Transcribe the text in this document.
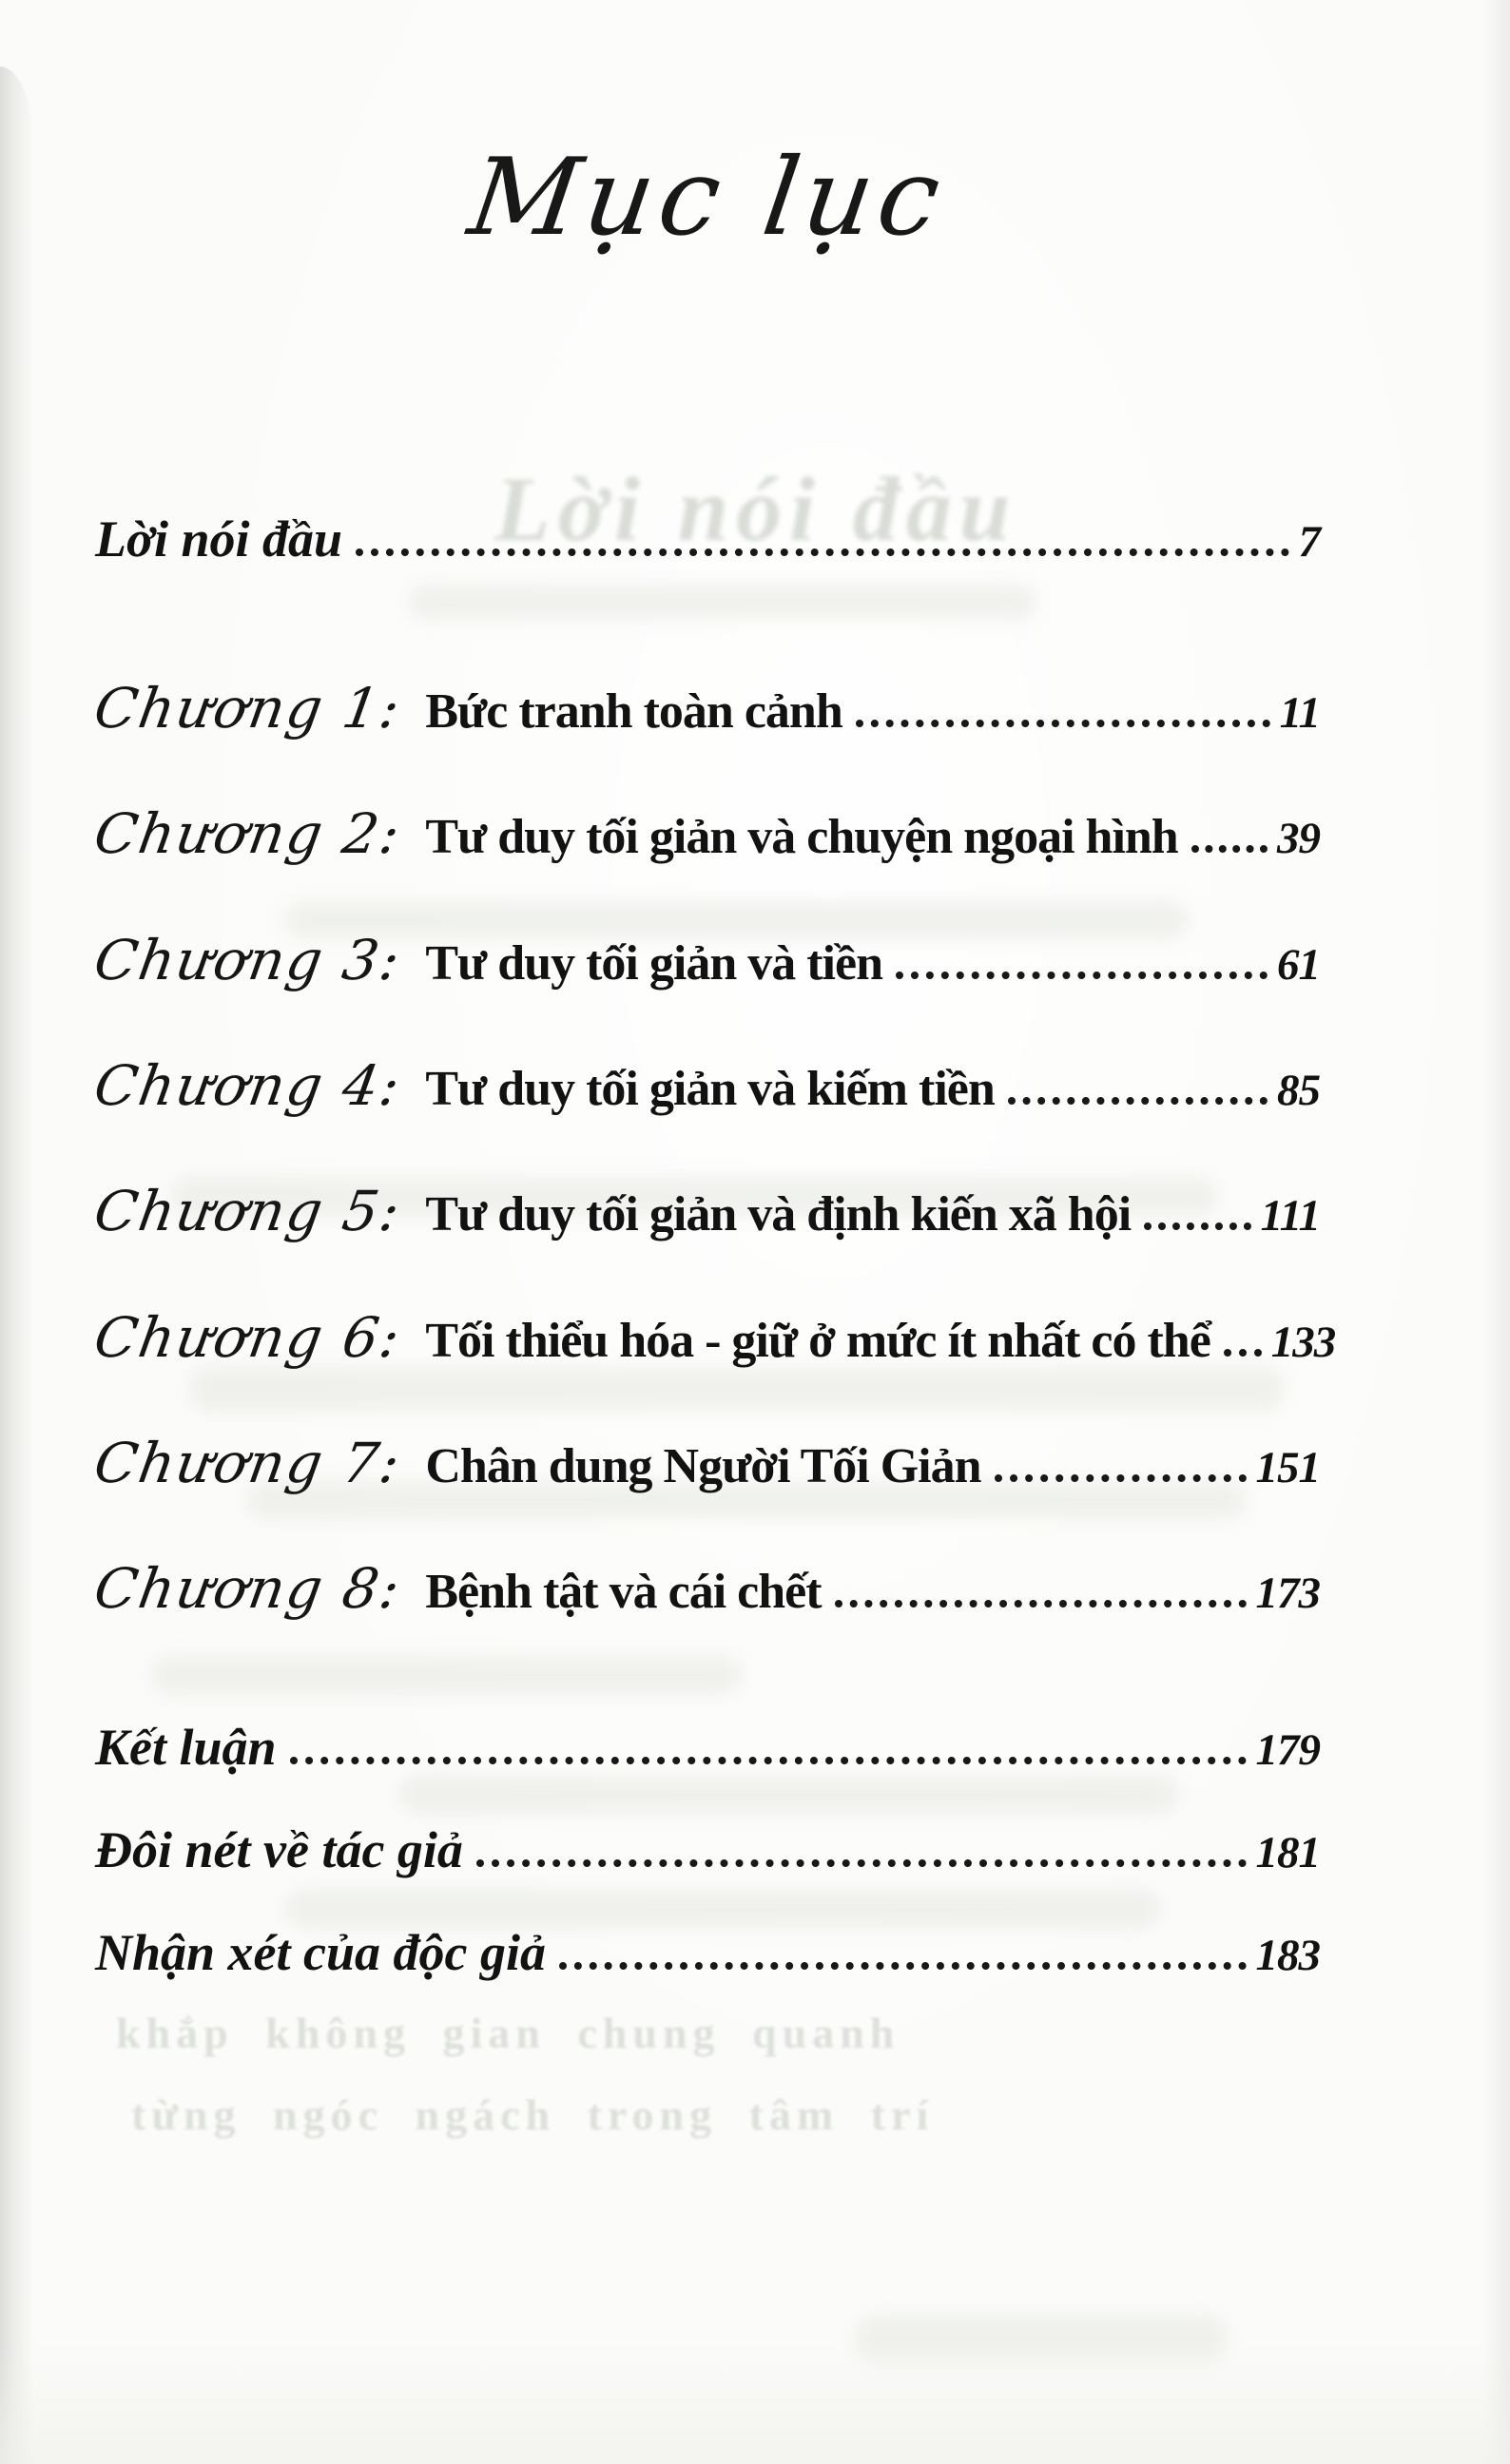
Lời nói đầu
khắp không gian chung quanh
từng ngóc ngách trong tâm trí
Mục lục
Lời nói đầu	7
Chương 1: Bức tranh toàn cảnh	11
Chương 2: Tư duy tối giản và chuyện ngoại hình 39
Chương 3: Tư duy tối giản và tiền	61
Chương 4: Tư duy tối giản và kiếm tiền	85
Chương 5: Tư duy tối giản và định kiến xã hội	111
Chương 6: Tối thiểu hóa - giữ ở mức ít nhất có thể 133
Chương 7: Chân dung Người Tối Giản	151
Chương 8: Bệnh tật và cái chết	173
Kết luận	179
Đôi nét về tác giả	181
Nhận xét của độc giả	183
